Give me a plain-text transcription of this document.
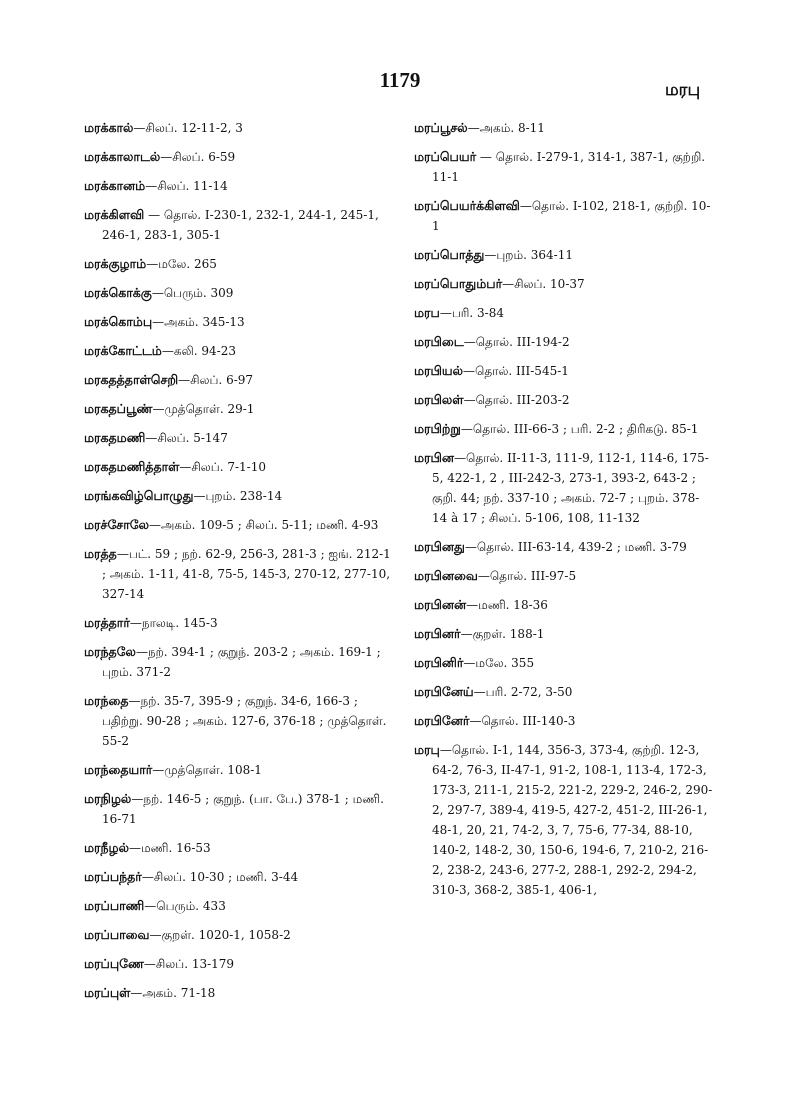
1179	மரபு
மரக்கால்—சிலப். 12-11-2, 3
மரக்காலாடல்—சிலப். 6-59
மரக்கானம்—சிலப். 11-14
மரக்கிளவி — தொல். I-230-1, 232-1, 244-1, 245-1, 246-1, 283-1, 305-1
மரக்குழாம்—மலே. 265
மரக்கொக்கு—பெரும். 309
மரக்கொம்பு—அகம். 345-13
மரக்கோட்டம்—கலி. 94-23
மரகதத்தாள்செறி—சிலப். 6-97
மரகதப்பூண்—முத்தொள். 29-1
மரகதமணி—சிலப். 5-147
மரகதமணித்தாள்—சிலப். 7-1-10
மரங்கவிழ்பொழுது—புறம். 238-14
மரச்சோலே—அகம். 109-5 ; சிலப். 5-11; மணி. 4-93
மரத்த—பட். 59 ; நற். 62-9, 256-3, 281-3 ; ஐங். 212-1 ; அகம். 1-11, 41-8, 75-5, 145-3, 270-12, 277-10, 327-14
மரத்தார்—நாலடி. 145-3
மரந்தலே—நற். 394-1 ; குறுந். 203-2 ; அகம். 169-1 ; புறம். 371-2
மரந்தை—நற். 35-7, 395-9 ; குறுந். 34-6, 166-3 ; பதிற்று. 90-28 ; அகம். 127-6, 376-18 ; முத்தொள். 55-2
மரந்தையார்—முத்தொள். 108-1
மரநிழல்—நற். 146-5 ; குறுந். (பா. பே.) 378-1 ; மணி. 16-71
மரநீழல்—மணி. 16-53
மரப்பந்தர்—சிலப். 10-30 ; மணி. 3-44
மரப்பாணி—பெரும். 433
மரப்பாவை—குறள். 1020-1, 1058-2
மரப்புணே—சிலப். 13-179
மரப்புள்—அகம். 71-18
மரப்பூசல்—அகம். 8-11
மரப்பெயர் — தொல். I-279-1, 314-1, 387-1, குற்றி. 11-1
மரப்பெயர்க்கிளவி—தொல். I-102, 218-1, குற்றி. 10-1
மரப்பொத்து—புறம். 364-11
மரப்பொதும்பர்—சிலப். 10-37
மரப—பரி. 3-84
மரபிடை—தொல். III-194-2
மரபியல்—தொல். III-545-1
மரபிலள்—தொல். III-203-2
மரபிற்று—தொல். III-66-3 ; பரி. 2-2 ; திரிகடு. 85-1
மரபின—தொல். II-11-3, 111-9, 112-1, 114-6, 175-5, 422-1, 2 , III-242-3, 273-1, 393-2, 643-2 ; குறி. 44; நற். 337-10 ; அகம். 72-7 ; புறம். 378-14 à 17 ; சிலப். 5-106, 108, 11-132
மரபினது—தொல். III-63-14, 439-2 ; மணி. 3-79
மரபினவை—தொல். III-97-5
மரபினன்—மணி. 18-36
மரபினர்—குறள். 188-1
மரபினிர்—மலே. 355
மரபினேய்—பரி. 2-72, 3-50
மரபினேர்—தொல். III-140-3
மரபு—தொல். I-1, 144, 356-3, 373-4, குற்றி. 12-3, 64-2, 76-3, II-47-1, 91-2, 108-1, 113-4, 172-3, 173-3, 211-1, 215-2, 221-2, 229-2, 246-2, 290-2, 297-7, 389-4, 419-5, 427-2, 451-2, III-26-1, 48-1, 20, 21, 74-2, 3, 7, 75-6, 77-34, 88-10, 140-2, 148-2, 30, 150-6, 194-6, 7, 210-2, 216-2, 238-2, 243-6, 277-2, 288-1, 292-2, 294-2, 310-3, 368-2, 385-1, 406-1,
